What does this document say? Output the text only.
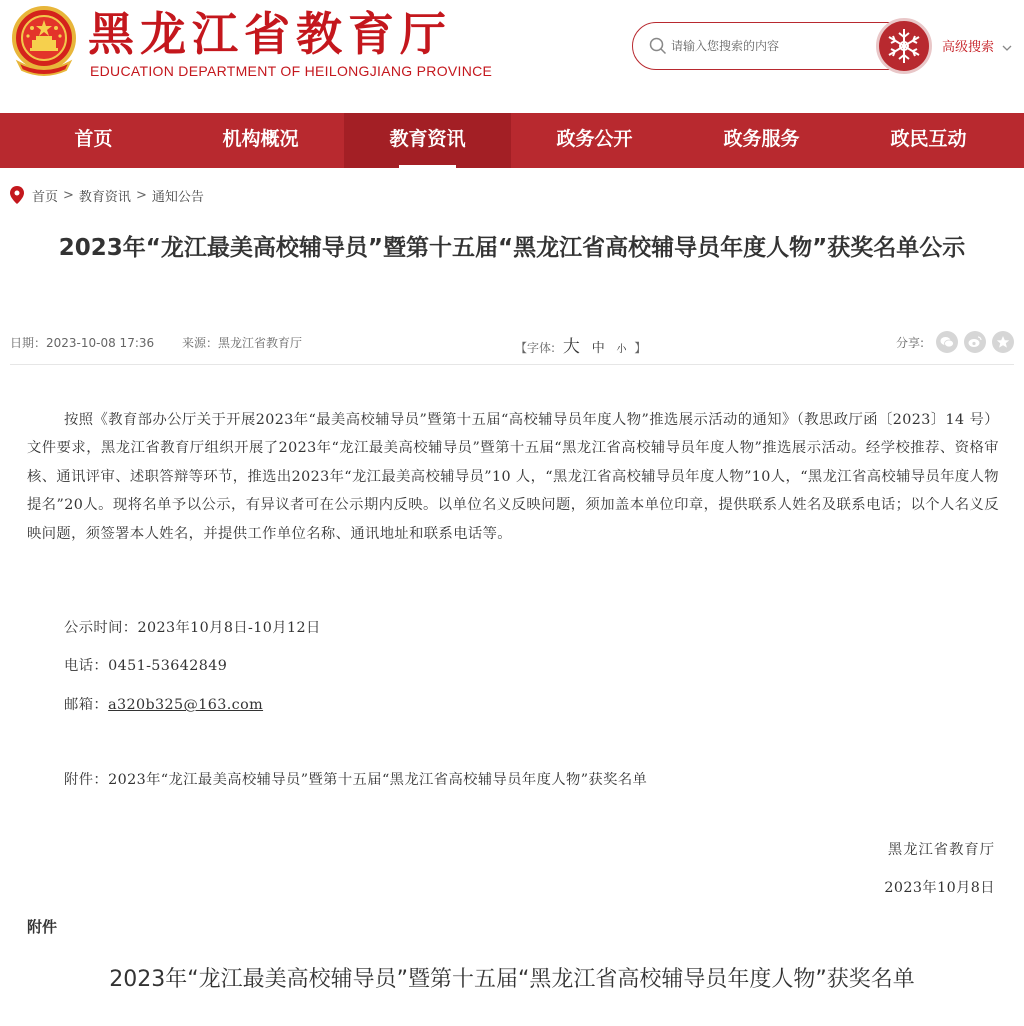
黑龙江省教育厅
EDUCATION DEPARTMENT OF HEILONGJIANG PROVINCE
请输入您搜索的内容
高级搜索
首页	机构概况	教育资讯	政务公开	政务服务	政民互动
首页 > 教育资讯 > 通知公告
2023年“龙江最美高校辅导员”暨第十五届“黑龙江省高校辅导员年度人物”获奖名单公示
日期：2023-10-08 17:36 来源：黑龙江省教育厅	【字体: 大 中 小 】	分享:

按照《教育部办公厅关于开展2023年“最美高校辅导员”暨第十五届“高校辅导员年度人物”推选展示活动的通知》（教思政厅函〔2023〕14 号）文件要求，黑龙江省教育厅组织开展了2023年“龙江最美高校辅导员”暨第十五届“黑龙江省高校辅导员年度人物”推选展示活动。经学校推荐、资格审核、通讯评审、述职答辩等环节，推选出2023年“龙江最美高校辅导员”10 人，“黑龙江省高校辅导员年度人物”10人，“黑龙江省高校辅导员年度人物提名”20人。现将名单予以公示，有异议者可在公示期内反映。以单位名义反映问题，须加盖本单位印章，提供联系人姓名及联系电话；以个人名义反映问题，须签署本人姓名，并提供工作单位名称、通讯地址和联系电话等。

公示时间：2023年10月8日-10月12日
电话：0451-53642849
邮箱：a320b325@163.com
附件：2023年“龙江最美高校辅导员”暨第十五届“黑龙江省高校辅导员年度人物”获奖名单
黑龙江省教育厅
2023年10月8日
附件
2023年“龙江最美高校辅导员”暨第十五届“黑龙江省高校辅导员年度人物”获奖名单
